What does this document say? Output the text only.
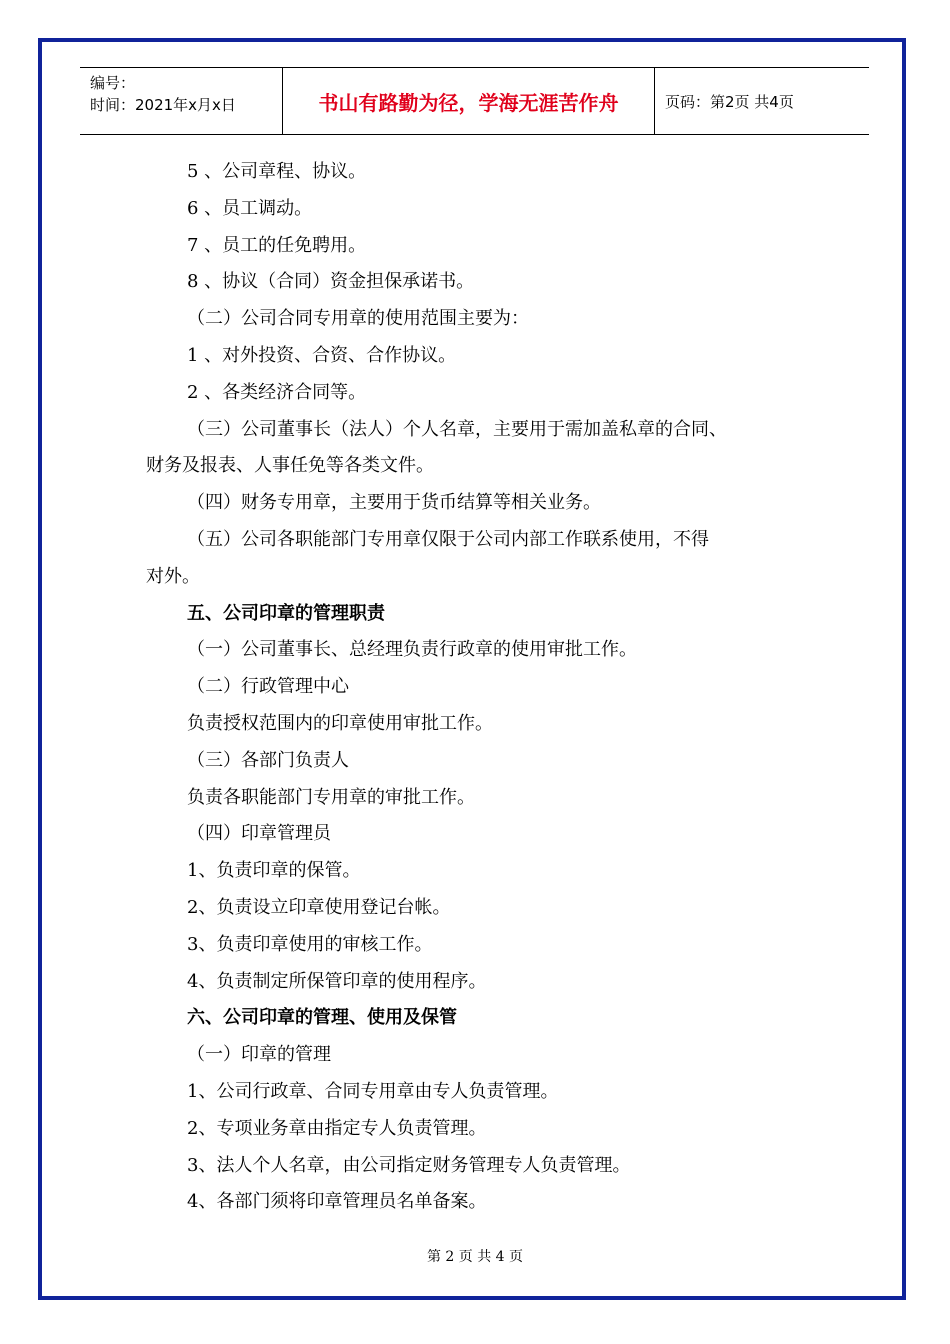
编号：
时间：2021年x月x日	书山有路勤为径，学海无涯苦作舟	页码：第2页 共4页
5 、公司章程、协议。
6 、员工调动。
7 、员工的任免聘用。
8 、协议（合同）资金担保承诺书。
（二）公司合同专用章的使用范围主要为：
1 、对外投资、合资、合作协议。
2 、各类经济合同等。
（三）公司董事长（法人）个人名章，主要用于需加盖私章的合同、
财务及报表、人事任免等各类文件。
（四）财务专用章，主要用于货币结算等相关业务。
（五）公司各职能部门专用章仅限于公司内部工作联系使用，不得
对外。
五、公司印章的管理职责
（一）公司董事长、总经理负责行政章的使用审批工作。
（二）行政管理中心
负责授权范围内的印章使用审批工作。
（三）各部门负责人
负责各职能部门专用章的审批工作。
（四）印章管理员
1、负责印章的保管。
2、负责设立印章使用登记台帐。
3、负责印章使用的审核工作。
4、负责制定所保管印章的使用程序。
六、公司印章的管理、使用及保管
（一）印章的管理
1、公司行政章、合同专用章由专人负责管理。
2、专项业务章由指定专人负责管理。
3、法人个人名章，由公司指定财务管理专人负责管理。
4、各部门须将印章管理员名单备案。
第 2 页 共 4 页
